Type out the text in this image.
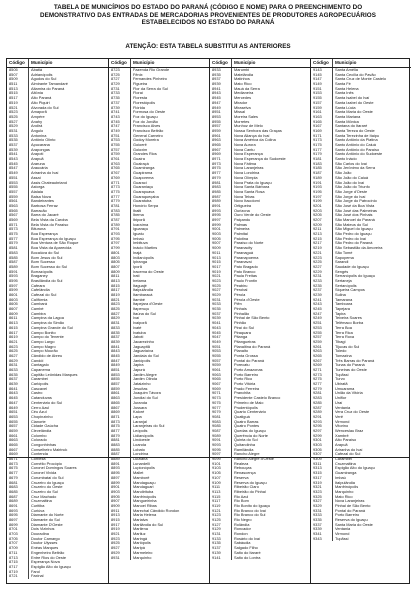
TABELA DE MUNICÍPIOS DO ESTADO DO PARANÁ (CÓDIGO E NOME) PARA O PREENCHIMENTO DO
DEMONSTRATIVO DAS ENTRADAS DE MERCADORIAS PROVENIENTES DE PRODUTORES AGROPECUÁRIOS
ESTABELECIDOS NO ESTADO DO PARANÁ
ATENÇÃO: ESTA TABELA SUBSTITUI AS ANTERIORES
Código	Município
8505	Abatiá
8507	Adrianópolis
8509	Agudos do Sul
8511	Almirante Tamandaré
8513	Altamira do Paraná
8515	Altônia
8517	Alto Paraná
8519	Alto Piquiri
8521	Alvorada do Sul
8523	Amaporã
8525	Ampére
8527	Anahy
8529	Andirá
8531	Ângulo
8533	Antonina
8535	Antônio Olinto
8537	Apucarana
8539	Arapongas
8541	Arapoti
8543	Arapuã
8545	Araruna
8547	Araucária
8549	Ariranha do Ivaí
8551	Assaí
8553	Assis Chateaubriand
8555	Astorga
8557	Atalaia
8559	Balsa Nova
8561	Bandeirantes
8563	Barbosa Ferraz
8565	Barracão
8567	Barra do Jacaré
8569	Bela Vista da Caroba
8571	Bela Vista do Paraíso
8573	Bituruna
8575	Boa Esperança
8577	Boa Esperança do Iguaçu
8579	Boa Ventura de São Roque
8581	Boa Vista da Aparecida
8583	Bocaiúva do Sul
8585	Bom Jesus do Sul
8587	Bom Sucesso
8589	Bom Sucesso do Sul
8591	Borrazópolis
8593	Braganey
8595	Brasilândia do Sul
8597	Cafeara
8599	Cafelândia
8601	Cafezal do Sul
8603	Califórnia
8605	Cambará
8607	Cambé
8609	Cambira
8611	Campina da Lagoa
8613	Campina do Simão
8615	Campina Grande do Sul
8617	Campo Bonito
8619	Campo do Tenente
8621	Campo Largo
8623	Campo Magro
8625	Campo Mourão
8627	Cândido de Abreu
8629	Candói
8631	Cantagalo
8633	Capanema
8635	Capitão Leônidas Marques
8637	Carambeí
8639	Carlópolis
8641	Cascavel
8643	Castro
8645	Catanduvas
8647	Centenário do Sul
8649	Cerro Azul
8651	Céu Azul
8653	Chopinzinho
8655	Cianorte
8657	Cidade Gaúcha
8659	Clevelândia
8661	Colombo
8663	Colorado
8665	Congonhinhas
8667	Conselheiro Mairinck
8669	Contenda
8671	Corbélia
8673	Cornélio Procópio
8675	Coronel Domingos Soares
8677	Coronel Vivida
8679	Corumbataí do Sul
8681	Cruzeiro do Iguaçu
8683	Cruzeiro do Oeste
8685	Cruzeiro do Sul
8687	Cruz Machado
8689	Cruzmaltina
8691	Curitiba
8693	Curiúva
8695	Diamante do Norte
8697	Diamante do Sul
8699	Diamante D'Oeste
8701	Dois Vizinhos
8703	Douradina
8705	Doutor Camargo
8707	Doutor Ulysses
8709	Enéas Marques
8711	Engenheiro Beltrão
8713	Entre Rios do Oeste
8715	Esperança Nova
8717	Espigão Alto do Iguaçu
8719	Farol
8721	Faxinal
Código	Município
8723	Fazenda Rio Grande
8725	Fênix
8727	Fernandes Pinheiro
8729	Figueira
8731	Flor da Serra do Sul
8733	Floraí
8735	Floresta
8737	Florestópolis
8739	Flórida
8741	Formosa do Oeste
8743	Foz do Iguaçu
8745	Foz do Jordão
8747	Francisco Alves
8749	Francisco Beltrão
8751	General Carneiro
8753	Godoy Moreira
8755	Goioerê
8757	Goioxim
8759	Grandes Rios
8761	Guaíra
8763	Guairaçá
8765	Guamiranga
8767	Guapirama
8769	Guaporema
8771	Guaraci
8773	Guaraniaçu
8775	Guarapuava
8777	Guaraqueçaba
8779	Guaratuba
8781	Honório Serpa
8783	Ibaiti
8785	Ibema
8787	Ibiporã
8789	Icaraíma
8791	Iguaraçu
8793	Iguatu
8795	Imbaú
8797	Imbituva
8799	Inácio Martins
8801	Inajá
8803	Indianópolis
8805	Ipiranga
8807	Iporã
8809	Iracema do Oeste
8811	Irati
8813	Iretama
8815	Itaguajé
8817	Itaipulândia
8819	Itambaracá
8821	Itambé
8823	Itapejara d'Oeste
8825	Itaperuçu
8827	Itaúna do Sul
8829	Ivaí
8831	Ivaiporã
8833	Ivaté
8835	Ivatuba
8837	Jaboti
8839	Jacarezinho
8841	Jaguapitã
8843	Jaguariaíva
8845	Jandaia do Sul
8847	Janiópolis
8849	Japira
8851	Japurá
8853	Jardim Alegre
8855	Jardim Olinda
8857	Jataizinho
8859	Jesuítas
8861	Joaquim Távora
8863	Jundiaí do Sul
8865	Juranda
8867	Jussara
8869	Kaloré
8871	Lapa
8873	Laranjal
8875	Laranjeiras do Sul
8877	Leópolis
8879	Lidianópolis
8881	Lindoeste
8883	Loanda
8885	Lobato
8887	Londrina
8889	Luiziana
8891	Lunardelli
8893	Lupionópolis
8895	Mallet
8897	Mamborê
8899	Mandaguaçu
8901	Mandaguari
8903	Mandirituba
8905	Manfrinópolis
8907	Mangueirinha
8909	Manoel Ribas
8911	Marechal Cândido Rondon
8913	Maria Helena
8915	Marialva
8917	Marilândia do Sul
8919	Marilena
8921	Mariluz
8923	Maringá
8925	Mariópolis
8927	Maripá
8929	Marmeleiro
8931	Marquinho
Código	Município
8933	Marumbi
8935	Matelândia
8937	Matinhos
8939	Mato Rico
8941	Mauá da Serra
8943	Medianeira
8945	Mercedes
8947	Mirador
8949	Miraselva
8951	Missal
8953	Moreira Sales
8955	Morretes
8957	Munhoz de Melo
8959	Nossa Senhora das Graças
8961	Nova Aliança do Ivaí
8963	Nova América da Colina
8965	Nova Aurora
8967	Nova Cantu
8969	Nova Esperança
8971	Nova Esperança do Sudoeste
8973	Nova Fátima
8975	Nova Laranjeiras
8977	Nova Londrina
8979	Nova Olímpia
8981	Nova Prata do Iguaçu
8983	Nova Santa Bárbara
8985	Nova Santa Rosa
8987	Nova Tebas
8989	Novo Itacolomi
8991	Ortigueira
8993	Ourizona
8995	Ouro Verde do Oeste
8997	Paiçandu
8999	Palmas
9001	Palmeira
9003	Palmital
9005	Palotina
9007	Paraíso do Norte
9009	Paranacity
9011	Paranaguá
9013	Paranapoema
9015	Paranavaí
9017	Pato Bragado
9019	Pato Branco
9021	Paula Freitas
9023	Paulo Frontin
9025	Peabiru
9027	Perobal
9029	Pérola
9031	Pérola d'Oeste
9033	Piên
9035	Pinhais
9037	Pinhalão
9039	Pinhal de São Bento
9041	Pinhão
9043	Piraí do Sul
9045	Piraquara
9047	Pitanga
9049	Pitangueiras
9051	Planaltina do Paraná
9053	Planalto
9055	Ponta Grossa
9057	Pontal do Paraná
9059	Porecatu
9061	Porto Amazonas
9063	Porto Barreiro
9065	Porto Rico
9067	Porto Vitória
9069	Prado Ferreira
9071	Pranchita
9073	Presidente Castelo Branco
9075	Primeiro de Maio
9077	Prudentópolis
9079	Quarto Centenário
9081	Quatiguá
9083	Quatro Barras
9085	Quatro Pontes
9087	Quedas do Iguaçu
9089	Querência do Norte
9091	Quinta do Sol
9093	Quitandinha
9095	Ramilândia
9097	Rancho Alegre
9099	Rancho Alegre d'Oeste
9101	Realeza
9103	Rebouças
9105	Renascença
9107	Reserva
9109	Reserva do Iguaçu
9111	Ribeirão Claro
9113	Ribeirão do Pinhal
9115	Rio Azul
9117	Rio Bom
9119	Rio Bonito do Iguaçu
9121	Rio Branco do Ivaí
9123	Rio Branco do Sul
9125	Rio Negro
9127	Rolândia
9129	Roncador
9131	Rondon
9133	Rosário do Ivaí
9135	Sabáudia
9137	Salgado Filho
9139	Salto do Itararé
9141	Salto do Lontra
Código	Município
9143	Santa Amélia
9145	Santa Cecília do Pavão
9147	Santa Cruz de Monte Castelo
9149	Santa Fé
9151	Santa Helena
9153	Santa Inês
9155	Santa Isabel do Ivaí
9157	Santa Izabel do Oeste
9159	Santa Lúcia
9161	Santa Maria do Oeste
9163	Santa Mariana
9165	Santa Mônica
9167	Santana do Itararé
9169	Santa Tereza do Oeste
9171	Santa Terezinha de Itaipu
9173	Santo Antônio da Platina
9175	Santo Antônio do Caiuá
9177	Santo Antônio do Paraíso
9179	Santo Antônio do Sudoeste
9181	Santo Inácio
9183	São Carlos do Ivaí
9185	São Jerônimo da Serra
9187	São João
9189	São João do Caiuá
9191	São João do Ivaí
9193	São João do Triunfo
9195	São Jorge d'Oeste
9197	São Jorge do Ivaí
9199	São Jorge do Patrocínio
9201	São José da Boa Vista
9203	São José das Palmeiras
9205	São José dos Pinhais
9207	São Manoel do Paraná
9209	São Mateus do Sul
9211	São Miguel do Iguaçu
9213	São Pedro do Iguaçu
9215	São Pedro do Ivaí
9217	São Pedro do Paraná
9219	São Sebastião da Amoreira
9221	São Tomé
9223	Sapopema
9225	Sarandi
9227	Saudade do Iguaçu
9229	Sengés
9231	Serranópolis do Iguaçu
9233	Sertaneja
9235	Sertanópolis
9237	Siqueira Campos
9239	Sulina
9241	Tamarana
9243	Tamboara
9245	Tapejara
9247	Tapira
9249	Teixeira Soares
9251	Telêmaco Borba
9253	Terra Boa
9255	Terra Rica
9257	Terra Roxa
9259	Tibagi
9261	Tijucas do Sul
9263	Toledo
9265	Tomazina
9267	Três Barras do Paraná
9269	Tunas do Paraná
9271	Tuneiras do Oeste
9273	Tupãssi
9275	Turvo
9277	Ubiratã
9279	Umuarama
9281	União da Vitória
9283	Uniflor
9285	Uraí
9287	Ventania
9289	Vera Cruz do Oeste
9291	Verê
9293	Virmond
9295	Vitorino
9297	Wenceslau Braz
9299	Xambrê
9301	Alto Paraíso
9303	Arapuã
9305	Ariranha do Ivaí
9307	Cafezal do Sul
9309	Carambeí
9311	Cruzmaltina
9313	Espigão Alto do Iguaçu
9315	Guamiranga
9317	Imbaú
9319	Itaipulândia
9321	Manfrinópolis
9323	Marquinho
9325	Mato Rico
9327	Nova Laranjeiras
9329	Pinhal de São Bento
9331	Pontal do Paraná
9333	Porto Barreiro
9335	Reserva do Iguaçu
9337	Santa Maria do Oeste
9339	Ventania
9341	Virmond
9343	Tupãssi
